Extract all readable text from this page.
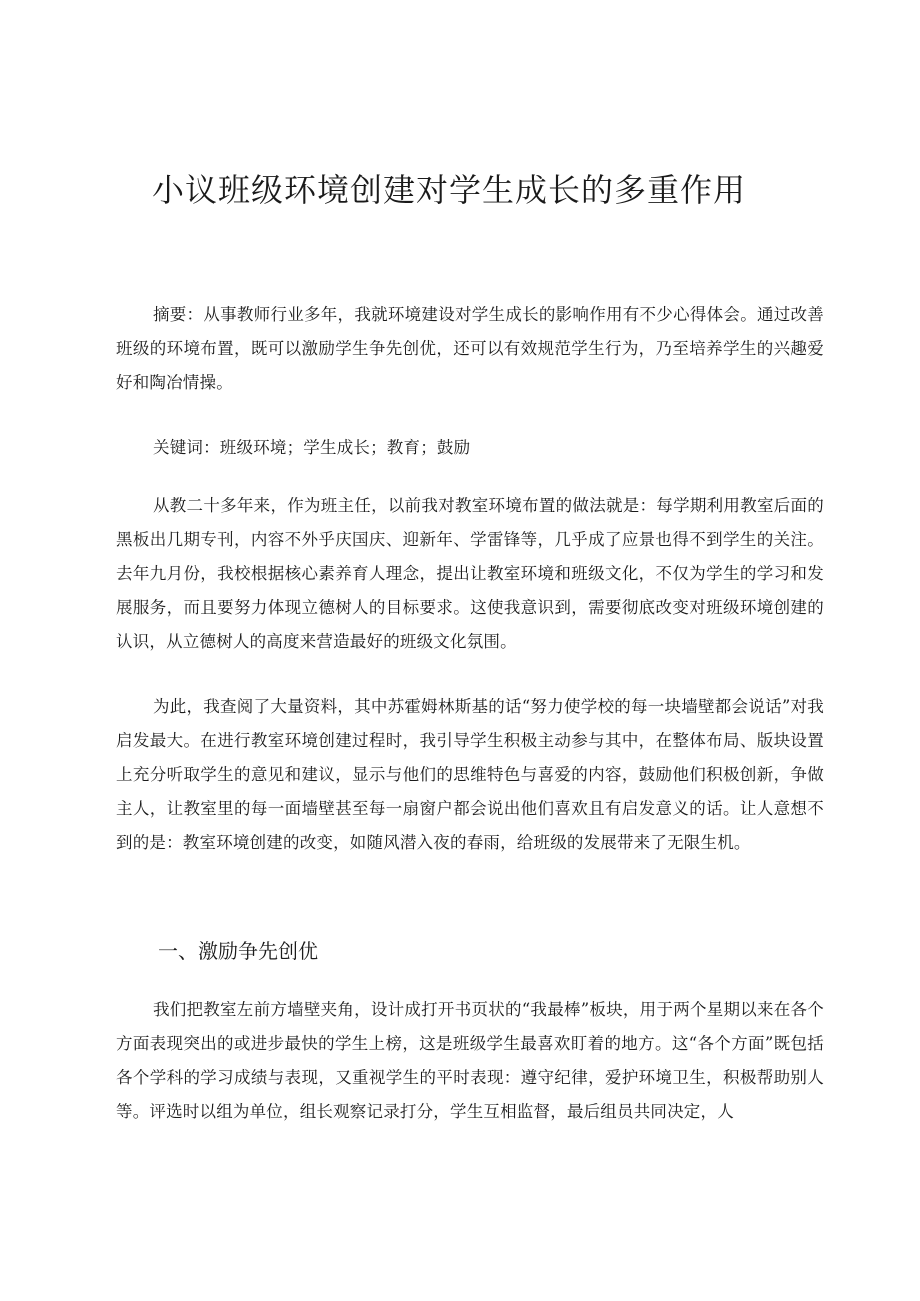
小议班级环境创建对学生成长的多重作用

摘要：从事教师行业多年，我就环境建设对学生成长的影响作用有不少心得体会。通过改善班级的环境布置，既可以激励学生争先创优，还可以有效规范学生行为，乃至培养学生的兴趣爱好和陶冶情操。

关键词：班级环境；学生成长；教育；鼓励

从教二十多年来，作为班主任，以前我对教室环境布置的做法就是：每学期利用教室后面的黑板出几期专刊，内容不外乎庆国庆、迎新年、学雷锋等，几乎成了应景也得不到学生的关注。去年九月份，我校根据核心素养育人理念，提出让教室环境和班级文化，不仅为学生的学习和发展服务，而且要努力体现立德树人的目标要求。这使我意识到，需要彻底改变对班级环境创建的认识，从立德树人的高度来营造最好的班级文化氛围。

为此，我查阅了大量资料，其中苏霍姆林斯基的话“努力使学校的每一块墙壁都会说话”对我启发最大。在进行教室环境创建过程时，我引导学生积极主动参与其中，在整体布局、版块设置上充分听取学生的意见和建议，显示与他们的思维特色与喜爱的内容，鼓励他们积极创新，争做主人，让教室里的每一面墙壁甚至每一扇窗户都会说出他们喜欢且有启发意义的话。让人意想不到的是：教室环境创建的改变，如随风潜入夜的春雨，给班级的发展带来了无限生机。

一、激励争先创优

我们把教室左前方墙壁夹角，设计成打开书页状的“我最棒”板块，用于两个星期以来在各个方面表现突出的或进步最快的学生上榜，这是班级学生最喜欢盯着的地方。这“各个方面”既包括各个学科的学习成绩与表现，又重视学生的平时表现：遵守纪律，爱护环境卫生，积极帮助别人等。评选时以组为单位，组长观察记录打分，学生互相监督，最后组员共同决定，人
